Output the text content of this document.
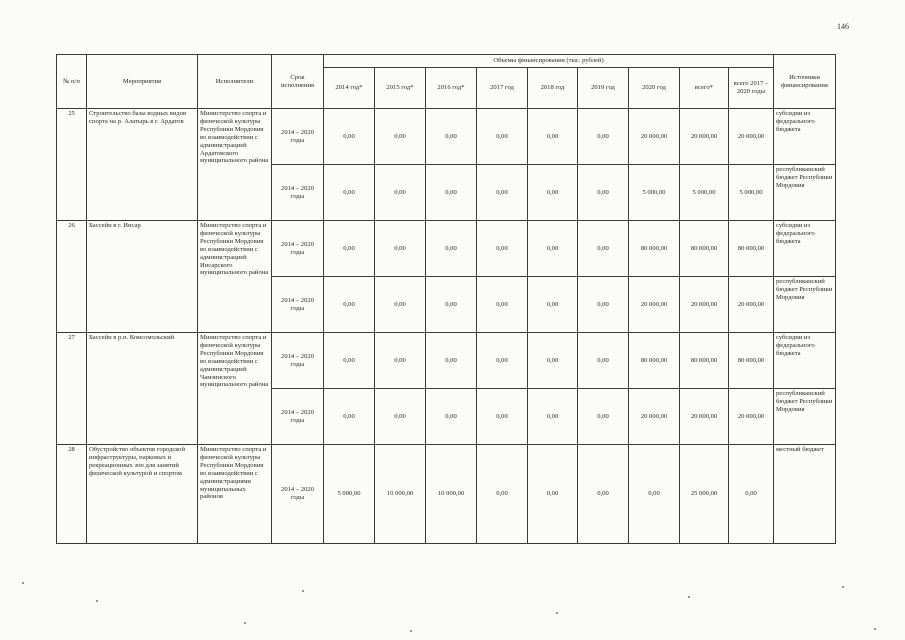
146
№ п/п	Мероприятия	Исполнители	Срок исполнения	Объемы финансирования (тыс. рублей)									Источники финансирования
				2014 год*	2015 год*	2016 год*	2017 год	2018 год	2019 год	2020 год	всего*	всего 2017 – 2020 годы	
25	Строительство базы водных видов спорта на р. Алатырь в г. Ардатов	Министерство спорта и физической культуры Республики Мордовия во взаимодействии с администрацией Ардатовского муниципального района	2014 – 2020 годы	0,00	0,00	0,00	0,00	0,00	0,00	20 000,00	20 000,00	20 000,00	субсидии из федерального бюджета
			2014 – 2020 годы	0,00	0,00	0,00	0,00	0,00	0,00	5 000,00	5 000,00	5 000,00	республиканский бюджет Республики Мордовия
26	Бассейн в г. Инсар	Министерство спорта и физической культуры Республики Мордовия во взаимодействии с администрацией Инсарского муниципального района	2014 – 2020 годы	0,00	0,00	0,00	0,00	0,00	0,00	80 000,00	80 000,00	80 000,00	субсидии из федерального бюджета
			2014 – 2020 годы	0,00	0,00	0,00	0,00	0,00	0,00	20 000,00	20 000,00	20 000,00	республиканский бюджет Республики Мордовия
27	Бассейн в р.п. Комсомольский	Министерство спорта и физической культуры Республики Мордовия во взаимодействии с администрацией Чамзинского муниципального района	2014 – 2020 годы	0,00	0,00	0,00	0,00	0,00	0,00	80 000,00	80 000,00	80 000,00	субсидии из федерального бюджета
			2014 – 2020 годы	0,00	0,00	0,00	0,00	0,00	0,00	20 000,00	20 000,00	20 000,00	республиканский бюджет Республики Мордовия
28	Обустройство объектов городской инфраструктуры, парковых и рекреационных зон для занятий физической культурой и спортом	Министерство спорта и физической культуры Республики Мордовия во взаимодействии с администрациями муниципальных районов	2014 – 2020 годы	5 000,00	10 000,00	10 000,00	0,00	0,00	0,00	0,00	25 000,00	0,00	местный бюджет
